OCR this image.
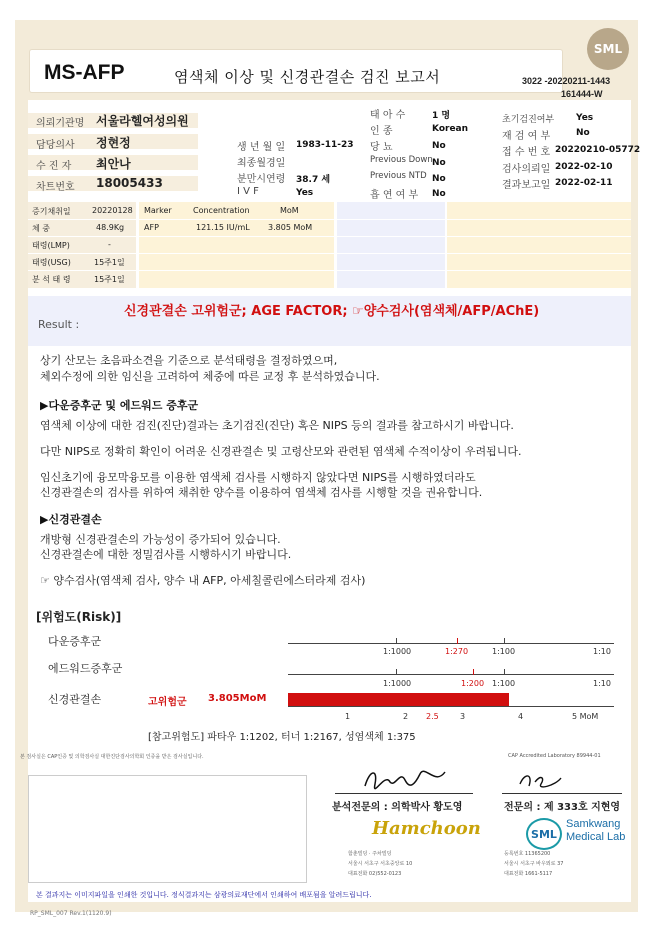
SML
MS-AFP	염색체 이상 및 신경관결손 검진 보고서	3022 -20220211-1443
161444-W
의뢰기관명 서울라헬여성의원
담당의사 정현정
수 진 자 최안나
차트번호 18005433
생 년 월 일 1983-11-23
최종월경일
분만시연령 38.7 세
I V F	Yes
태 아 수	1 명
인 종	Korean
당 뇨	No
Previous Down No
Previous NTD No
흡 연 여 부 No
초기검진여부 Yes
재 검 여 부	No
접 수 번 호 20220210-05772
검사의뢰일 2022-02-10
결과보고일 2022-02-11
증기채취일	20220128
체 중	48.9Kg
태령(LMP)	-
태령(USG)	15주1일
분 석 태 령	15주1일
Marker	Concentration	MoM
AFP	121.15 IU/mL 3.805 MoM
Result :
신경관결손 고위험군; AGE FACTOR; ☞양수검사(염색체/AFP/AChE)
상기 산모는 초음파소견을 기준으로 분석태령을 결정하였으며,
체외수정에 의한 임신을 고려하여 체중에 따른 교정 후 분석하였습니다.
▶다운증후군 및 에드워드 증후군
염색체 이상에 대한 검진(진단)결과는 초기검진(진단) 혹은 NIPS 등의 결과를 참고하시기 바랍니다.
다만 NIPS로 정확히 확인이 어려운 신경관결손 및 고령산모와 관련된 염색체 수적이상이 우려됩니다.
임신초기에 융모막융모를 이용한 염색체 검사를 시행하지 않았다면 NIPS를 시행하였더라도
신경관결손의 검사를 위하여 채취한 양수를 이용하여 염색체 검사를 시행할 것을 권유합니다.
▶신경관결손
개방형 신경관결손의 가능성이 증가되어 있습니다.
신경관결손에 대한 정밀검사를 시행하시기 바랍니다.
☞ 양수검사(염색체 검사, 양수 내 AFP, 아세칠콜린에스터라제 검사)
[위험도(Risk)]
다운증후군
에드워드증후군
신경관결손	고위험군 3.805MoM
1:1000	1:270	1:100	1:10
1:1000	1:200 1:100	1:10
1	2 2.5	3	4	5 MoM
[참고위험도] 파타우 1:1202, 터너 1:2167, 성염색체 1:375
본 검사실은 CAP인증 및 의학검사실 대한진단검사의학회 인증을 받은 검사실입니다.	CAP Accredited Laboratory 89944-01
분석전문의 : 의학박사 황도영	전문의 : 제 333호 지현영
Hamchoon
함춘빌딩 · 주차빌딩
서울시 서초구 서초중앙로 10
대표전화 02)552-0123
SML
Samkwang
Medical Lab
등록번호 11365200
서울시 서초구 바우뫼로 37
대표전화 1661-5117
본 결과지는 이미지파일을 인쇄한 것입니다. 정식결과지는 삼광의료재단에서 인쇄하여 배포됨을 알려드립니다.
RP_SML_007 Rev.1(1120.9)
